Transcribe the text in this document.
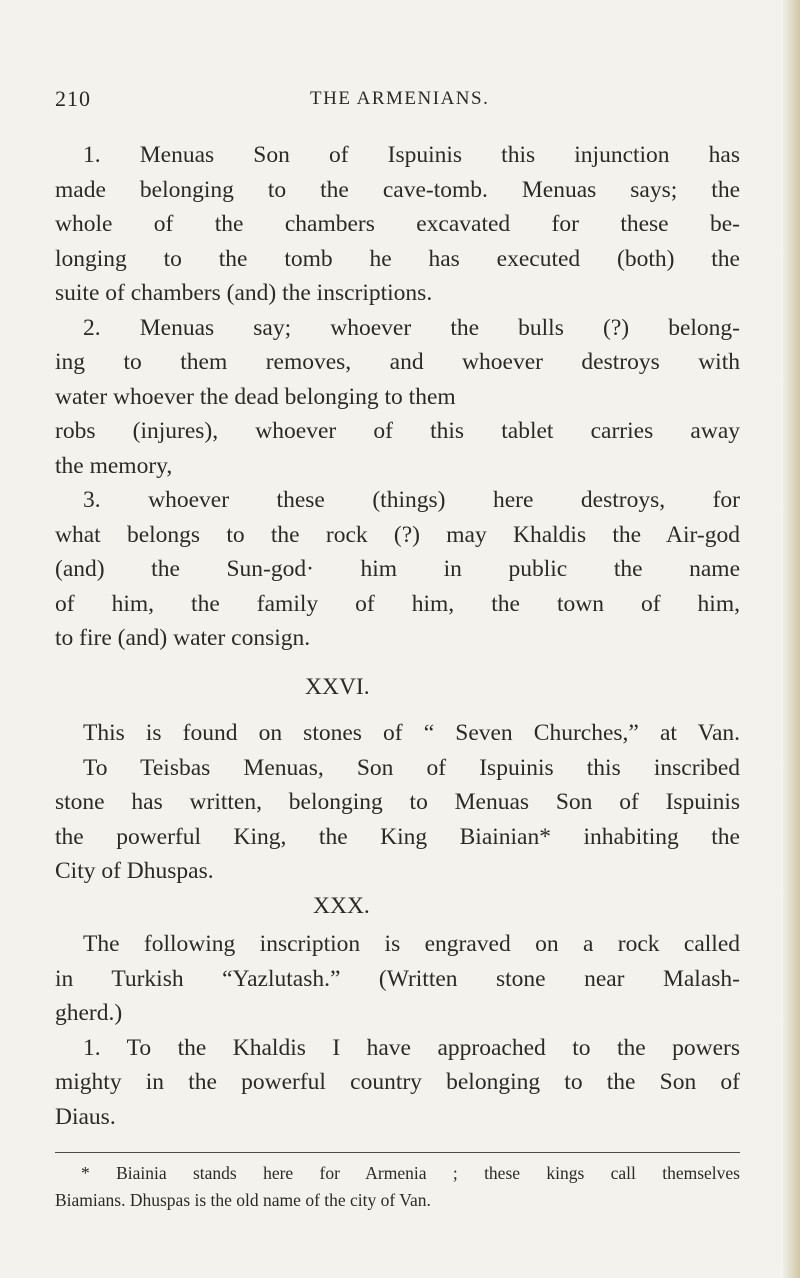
210	THE ARMENIANS.
1. Menuas Son of Ispuinis this injunction has
made belonging to the cave-tomb. Menuas says; the
whole of the chambers excavated for these be-
longing to the tomb he has executed (both) the
suite of chambers (and) the inscriptions.
2. Menuas say; whoever the bulls (?) belong-
ing to them removes, and whoever destroys with
water whoever the dead belonging to them
robs (injures), whoever of this tablet carries away
the memory,
3. whoever these (things) here destroys, for
what belongs to the rock (?) may Khaldis the Air-god
(and) the Sun-god· him in public the name
of him, the family of him, the town of him,
to fire (and) water consign.
XXVI.
This is found on stones of “ Seven Churches,” at Van.
To Teisbas Menuas, Son of Ispuinis this inscribed
stone has written, belonging to Menuas Son of Ispuinis
the powerful King, the King Biainian* inhabiting the
City of Dhuspas.
XXX.
The following inscription is engraved on a rock called
in Turkish “Yazlutash.” (Written stone near Malash-
gherd.)
1. To the Khaldis I have approached to the powers
mighty in the powerful country belonging to the Son of
Diaus.
* Biainia stands here for Armenia ; these kings call themselves
Biamians. Dhuspas is the old name of the city of Van.
